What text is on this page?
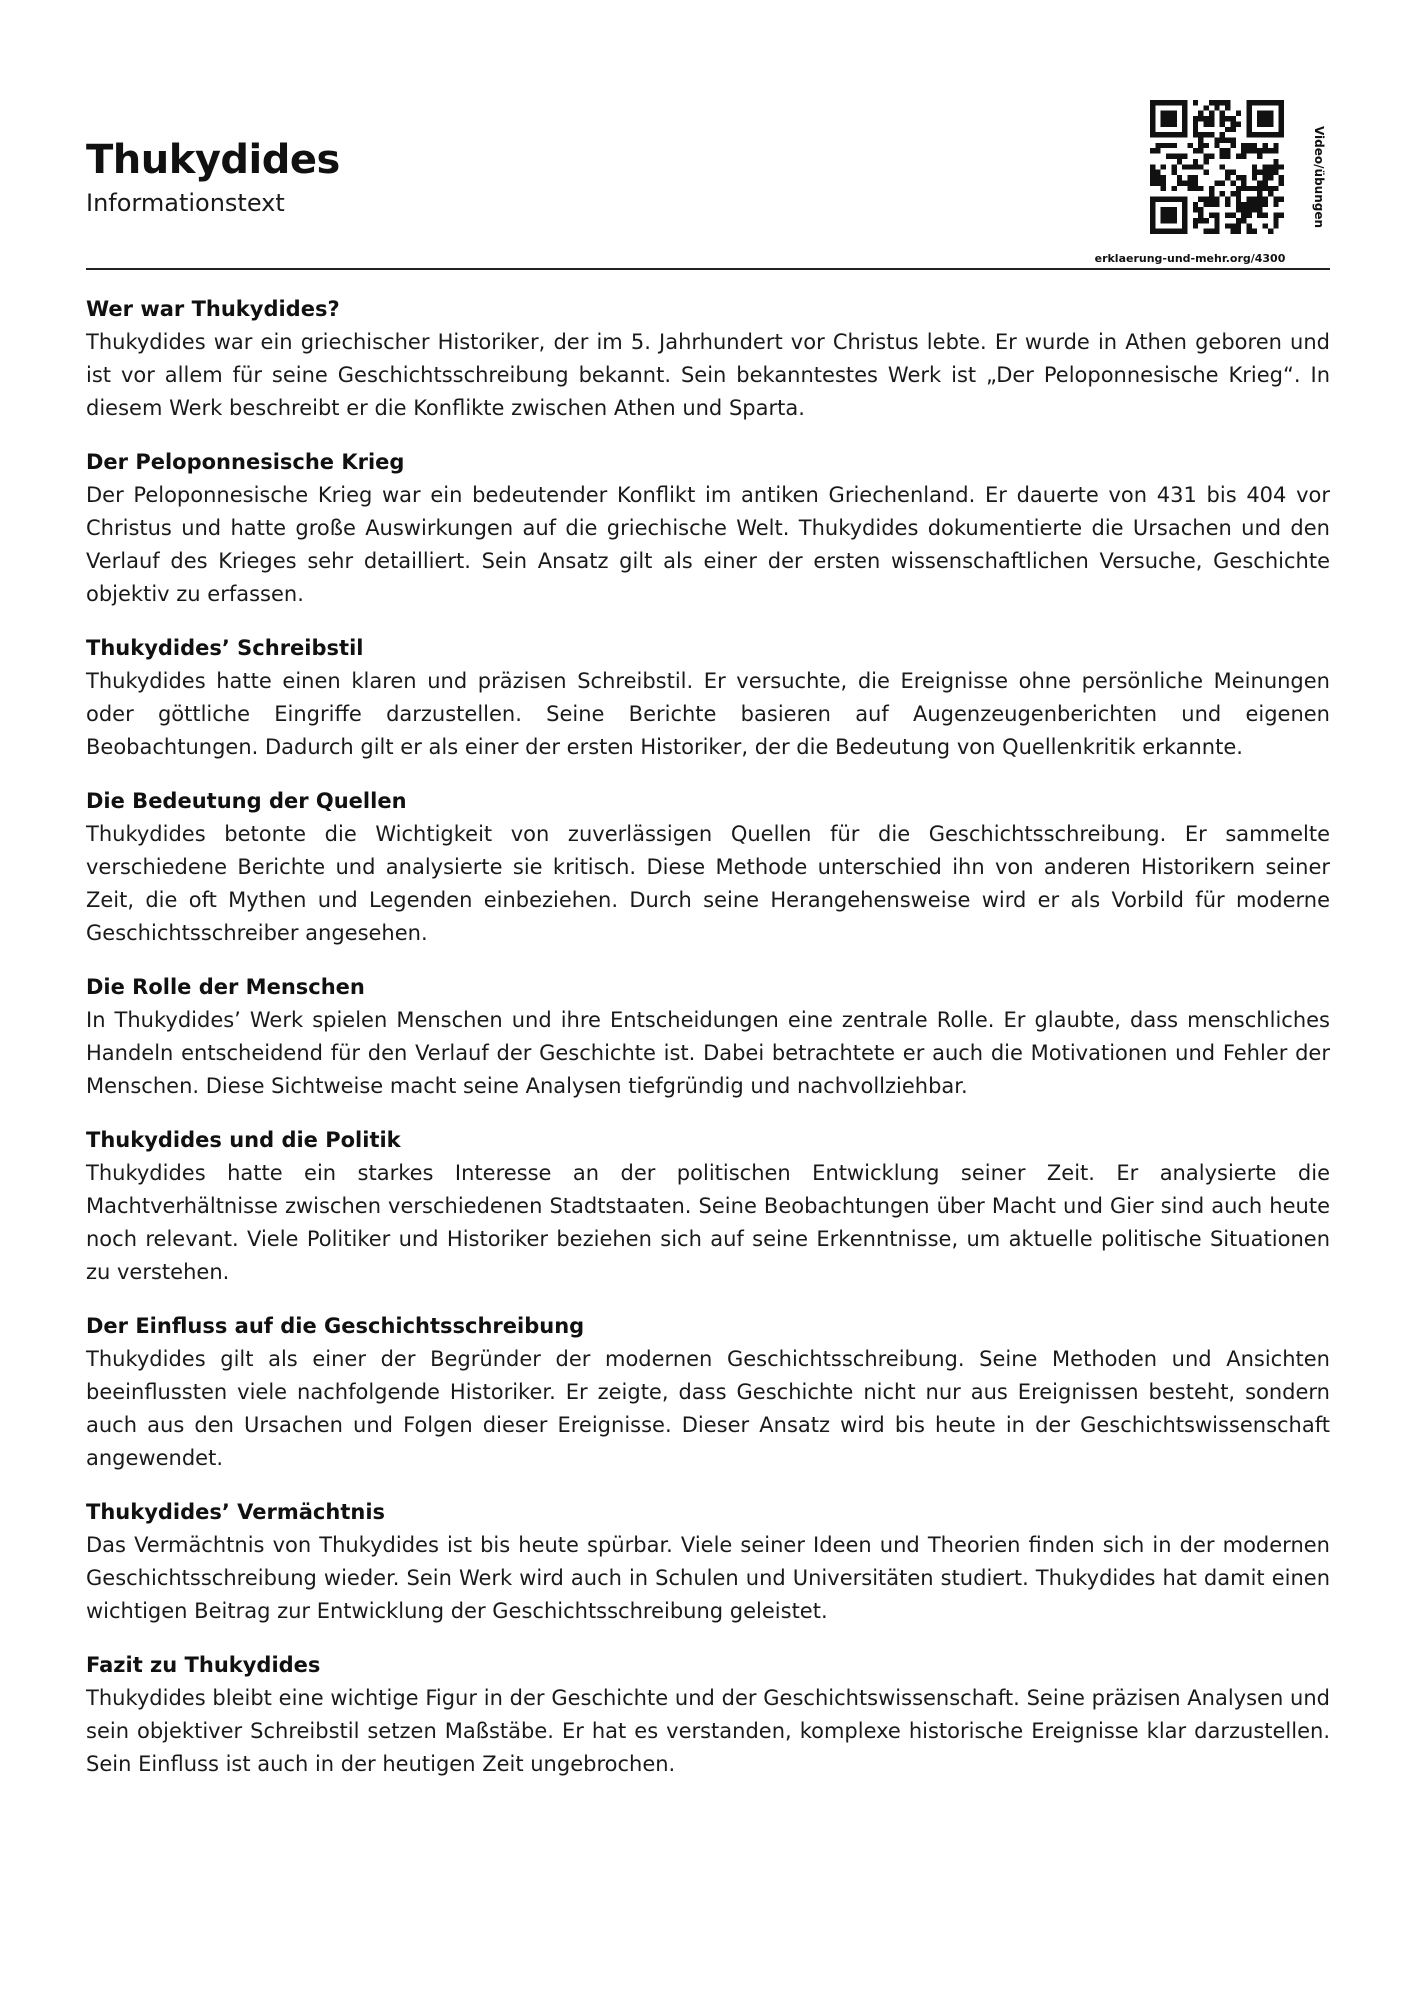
Thukydides
Informationstext	Video/übungen
erklaerung-und-mehr.org/4300
Wer war Thukydides?

Thukydides war ein griechischer Historiker, der im 5. Jahrhundert vor Christus lebte. Er wurde in Athen geboren und ist vor allem für seine Geschichtsschreibung bekannt. Sein bekanntestes Werk ist „Der Peloponnesische Krieg“. In diesem Werk beschreibt er die Konflikte zwischen Athen und Sparta.

Der Peloponnesische Krieg

Der Peloponnesische Krieg war ein bedeutender Konflikt im antiken Griechenland. Er dauerte von 431 bis 404 vor Christus und hatte große Auswirkungen auf die griechische Welt. Thukydides dokumentierte die Ursachen und den Verlauf des Krieges sehr detailliert. Sein Ansatz gilt als einer der ersten wissenschaftlichen Versuche, Geschichte objektiv zu erfassen.

Thukydides’ Schreibstil

Thukydides hatte einen klaren und präzisen Schreibstil. Er versuchte, die Ereignisse ohne persönliche Meinungen oder göttliche Eingriffe darzustellen. Seine Berichte basieren auf Augenzeugenberichten und eigenen Beobachtungen. Dadurch gilt er als einer der ersten Historiker, der die Bedeutung von Quellenkritik erkannte.

Die Bedeutung der Quellen

Thukydides betonte die Wichtigkeit von zuverlässigen Quellen für die Geschichtsschreibung. Er sammelte verschiedene Berichte und analysierte sie kritisch. Diese Methode unterschied ihn von anderen Historikern seiner Zeit, die oft Mythen und Legenden einbeziehen. Durch seine Herangehensweise wird er als Vorbild für moderne Geschichtsschreiber angesehen.

Die Rolle der Menschen

In Thukydides’ Werk spielen Menschen und ihre Entscheidungen eine zentrale Rolle. Er glaubte, dass menschliches Handeln entscheidend für den Verlauf der Geschichte ist. Dabei betrachtete er auch die Motivationen und Fehler der Menschen. Diese Sichtweise macht seine Analysen tiefgründig und nachvollziehbar.

Thukydides und die Politik

Thukydides hatte ein starkes Interesse an der politischen Entwicklung seiner Zeit. Er analysierte die Machtverhältnisse zwischen verschiedenen Stadtstaaten. Seine Beobachtungen über Macht und Gier sind auch heute noch relevant. Viele Politiker und Historiker beziehen sich auf seine Erkenntnisse, um aktuelle politische Situationen zu verstehen.

Der Einfluss auf die Geschichtsschreibung

Thukydides gilt als einer der Begründer der modernen Geschichtsschreibung. Seine Methoden und Ansichten beeinflussten viele nachfolgende Historiker. Er zeigte, dass Geschichte nicht nur aus Ereignissen besteht, sondern auch aus den Ursachen und Folgen dieser Ereignisse. Dieser Ansatz wird bis heute in der Geschichtswissenschaft angewendet.

Thukydides’ Vermächtnis

Das Vermächtnis von Thukydides ist bis heute spürbar. Viele seiner Ideen und Theorien finden sich in der modernen Geschichtsschreibung wieder. Sein Werk wird auch in Schulen und Universitäten studiert. Thukydides hat damit einen wichtigen Beitrag zur Entwicklung der Geschichtsschreibung geleistet.

Fazit zu Thukydides

Thukydides bleibt eine wichtige Figur in der Geschichte und der Geschichtswissenschaft. Seine präzisen Analysen und sein objektiver Schreibstil setzen Maßstäbe. Er hat es verstanden, komplexe historische Ereignisse klar darzustellen. Sein Einfluss ist auch in der heutigen Zeit ungebrochen.
